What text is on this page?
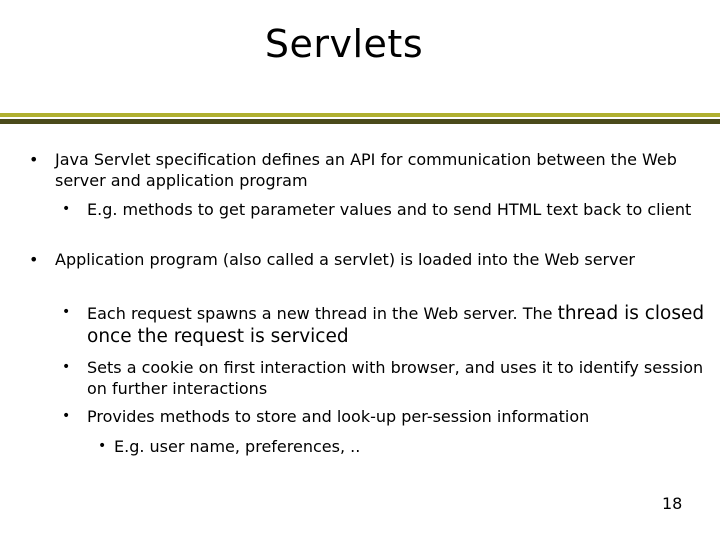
Servlets

• Java Servlet specification defines an API for communication between the Web server and application program

• E.g. methods to get parameter values and to send HTML text back to client

• Application program (also called a servlet) is loaded into the Web server

• Each request spawns a new thread in the Web server. The thread is closed once the request is serviced

• Sets a cookie on first interaction with browser, and uses it to identify session on further interactions

• Provides methods to store and look-up per-session information

• E.g. user name, preferences, ..

18
